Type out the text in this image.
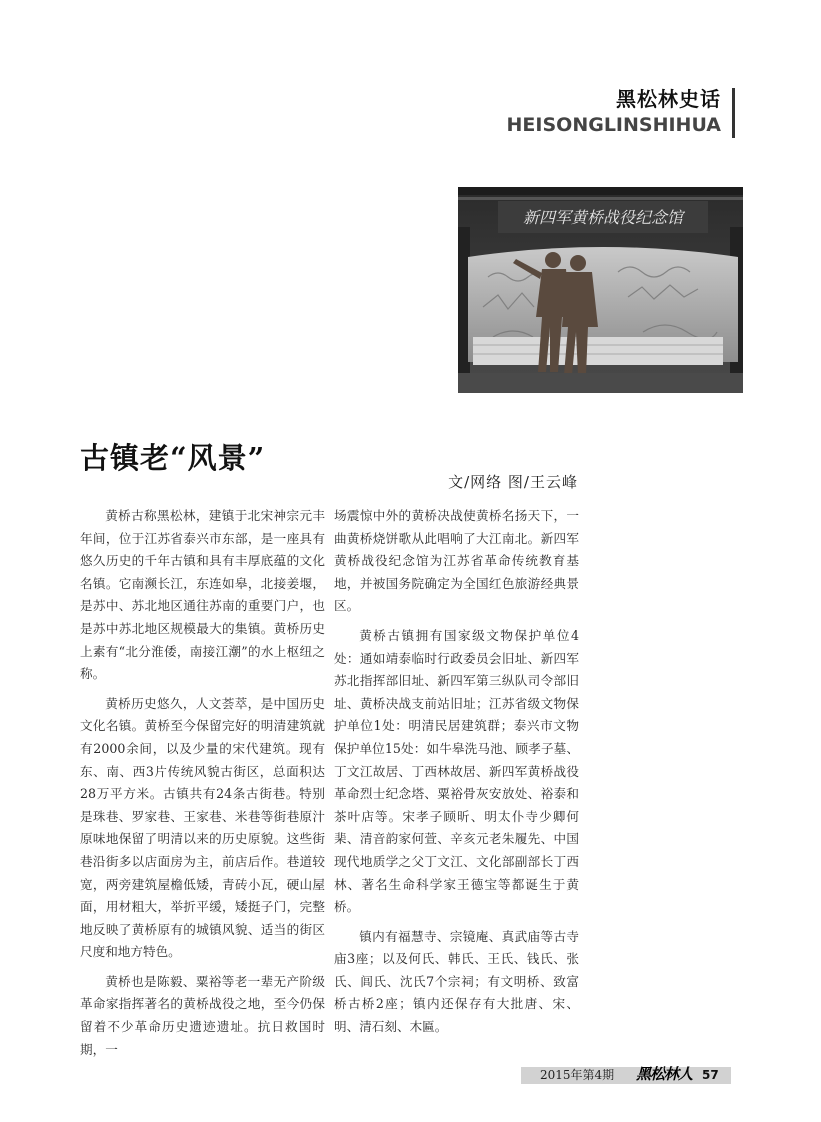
黑松林史话
HEISONGLINSHIHUA
新四军黄桥战役纪念馆
古镇老“风景”
文/网络 图/王云峰

黄桥古称黑松林，建镇于北宋神宗元丰年间，位于江苏省泰兴市东部，是一座具有悠久历史的千年古镇和具有丰厚底蕴的文化名镇。它南濒长江，东连如皋，北接姜堰，是苏中、苏北地区通往苏南的重要门户，也是苏中苏北地区规模最大的集镇。黄桥历史上素有“北分淮倭，南接江潮”的水上枢纽之称。

黄桥历史悠久，人文荟萃，是中国历史文化名镇。黄桥至今保留完好的明清建筑就有2000余间，以及少量的宋代建筑。现有东、南、西3片传统风貌古街区，总面积达28万平方米。古镇共有24条古街巷。特别是珠巷、罗家巷、王家巷、米巷等街巷原汁原味地保留了明清以来的历史原貌。这些街巷沿街多以店面房为主，前店后作。巷道较宽，两旁建筑屋檐低矮，青砖小瓦，硬山屋面，用材粗大，举折平缓，矮挺子门，完整地反映了黄桥原有的城镇风貌、适当的街区尺度和地方特色。

黄桥也是陈毅、粟裕等老一辈无产阶级革命家指挥著名的黄桥战役之地，至今仍保留着不少革命历史遗迹遗址。抗日救国时期，一

场震惊中外的黄桥决战使黄桥名扬天下，一曲黄桥烧饼歌从此唱响了大江南北。新四军黄桥战役纪念馆为江苏省革命传统教育基地，并被国务院确定为全国红色旅游经典景区。

黄桥古镇拥有国家级文物保护单位4处：通如靖泰临时行政委员会旧址、新四军苏北指挥部旧址、新四军第三纵队司令部旧址、黄桥决战支前站旧址；江苏省级文物保护单位1处：明清民居建筑群；泰兴市文物保护单位15处：如牛皋洗马池、顾孝子墓、丁文江故居、丁西林故居、新四军黄桥战役革命烈士纪念塔、粟裕骨灰安放处、裕泰和茶叶店等。宋孝子顾昕、明太仆寺少卿何棐、清音韵家何萱、辛亥元老朱履先、中国现代地质学之父丁文江、文化部副部长丁西林、著名生命科学家王德宝等都诞生于黄桥。

镇内有福慧寺、宗镜庵、真武庙等古寺庙3座；以及何氏、韩氏、王氏、钱氏、张氏、闾氏、沈氏7个宗祠；有文明桥、致富桥古桥2座；镇内还保存有大批唐、宋、明、清石刻、木匾。

2015年第4期 黑松林人 57
